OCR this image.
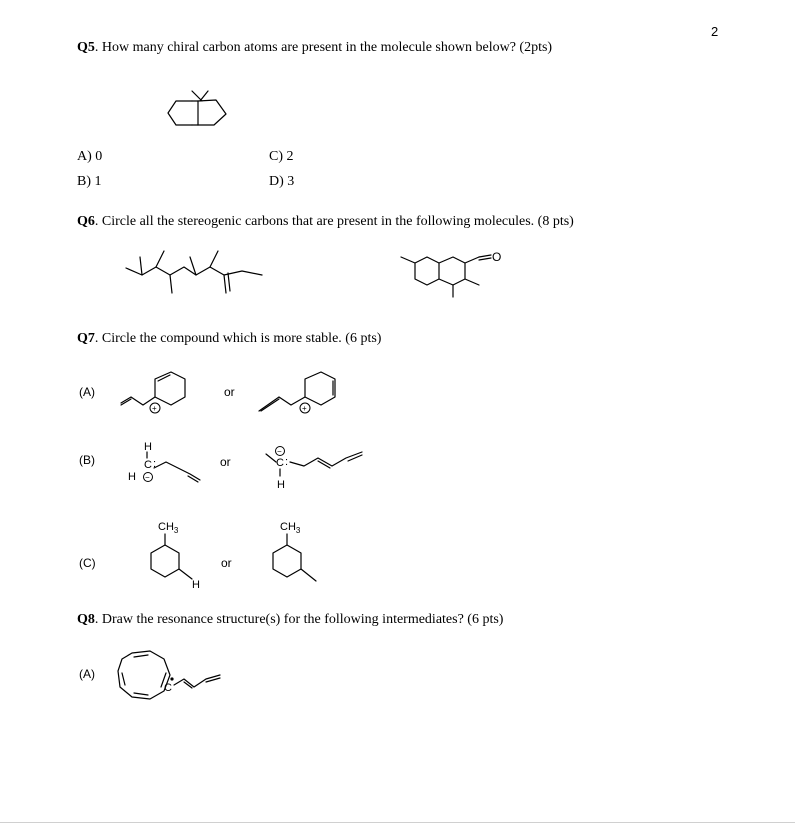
2
Q5. How many chiral carbon atoms are present in the molecule shown below? (2pts)
A) 0	C) 2
B) 1	D) 3
Q6. Circle all the stereogenic carbons that are present in the following molecules. (8 pts)
O
Q7. Circle the compound which is more stable. (6 pts)
(A)
+
or
+
(B)
H
C :
H −
or
−
C :
H
(C)
$CH_3$
H
or
$CH_3$
Q8. Draw the resonance structure(s) for the following intermediates? (6 pts)
(A)
C
